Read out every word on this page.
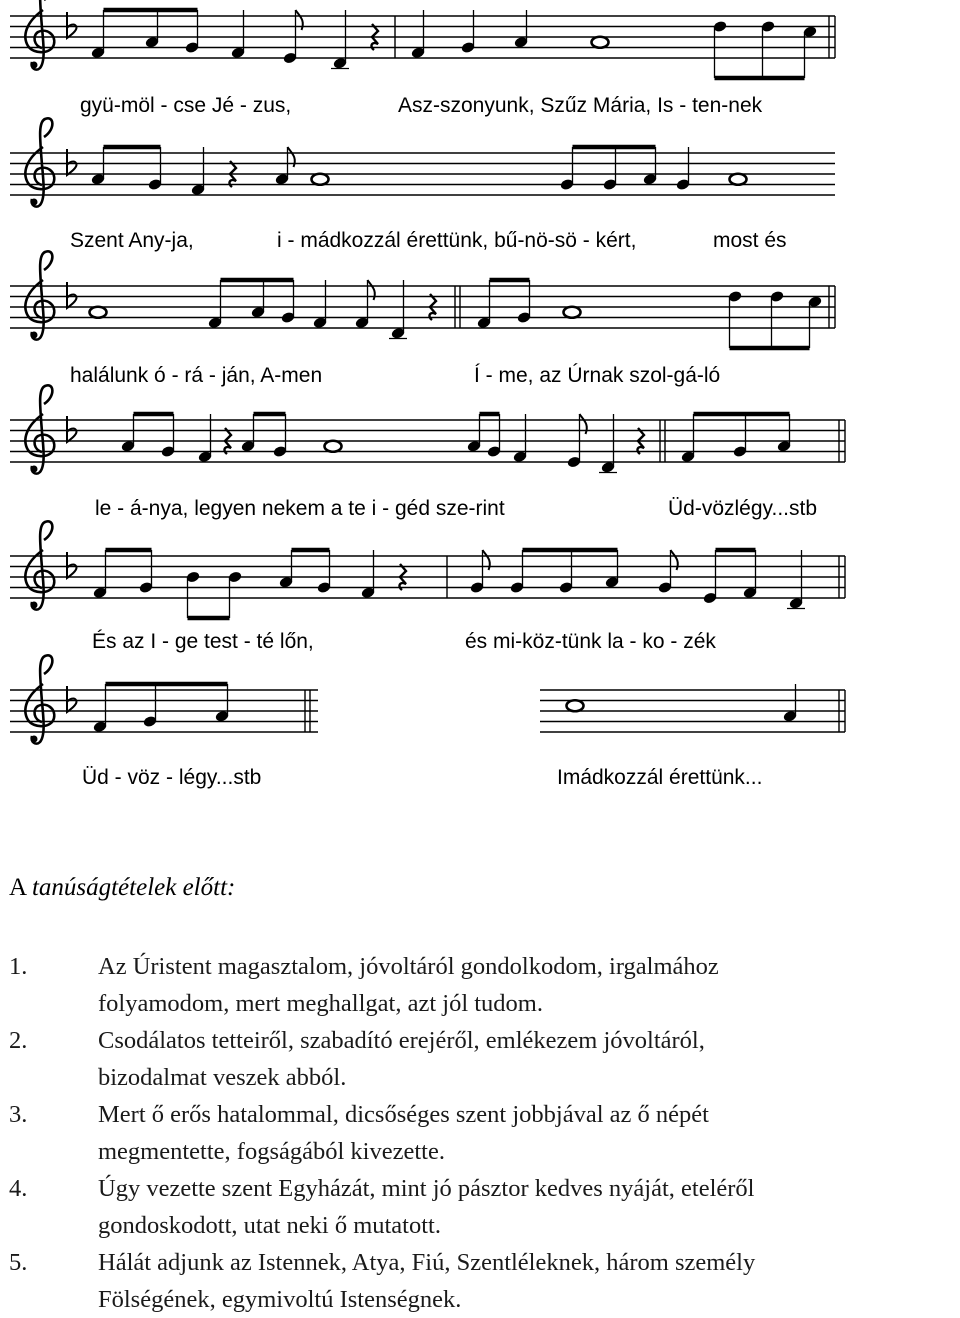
gyü-möl - cse Jé - zus,	Asz-szonyunk, Szűz Mária, Is - ten-nek
Szent Any-ja,	i - mádkozzál érettünk, bű-nö-sö - kért,	most és
halálunk ó - rá - ján, A-men	Í - me, az Úrnak szol-gá-ló
le - á-nya, legyen nekem a te i - géd sze-rint	Üd-vözlégy...stb
És az I - ge test - té lőn,	és mi-köz-tünk la - ko - zék
Üd - vöz - légy...stb	Imádkozzál érettünk...
A tanúságtételek előtt:
1.	Az Úristent magasztalom, jóvoltáról gondolkodom, irgalmához
folyamodom, mert meghallgat, azt jól tudom.
2.	Csodálatos tetteiről, szabadító erejéről, emlékezem jóvoltáról,
bizodalmat veszek abból.
3.	Mert ő erős hatalommal, dicsőséges szent jobbjával az ő népét
megmentette, fogságából kivezette.
4.	Úgy vezette szent Egyházát, mint jó pásztor kedves nyáját, eteléről
gondoskodott, utat neki ő mutatott.
5.	Hálát adjunk az Istennek, Atya, Fiú, Szentléleknek, három személy
Fölségének, egymivoltú Istenségnek.
